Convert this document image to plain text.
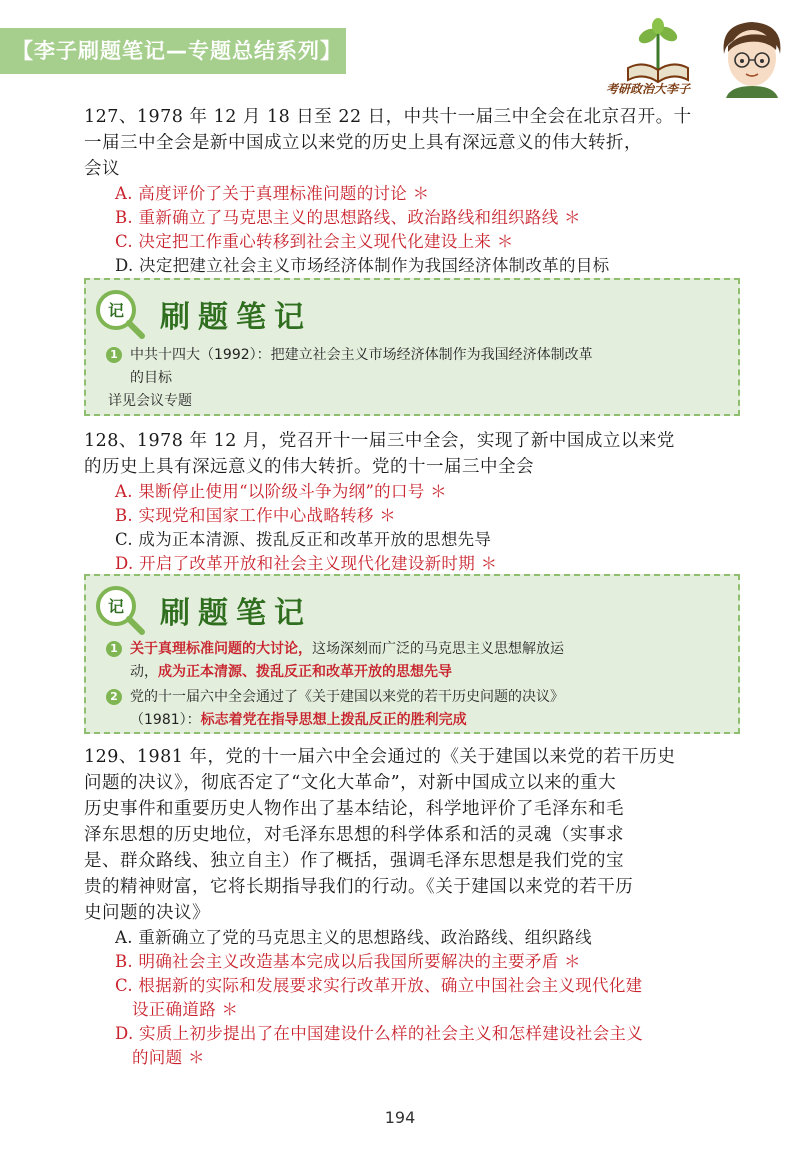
【李子刷题笔记—专题总结系列】
考研政治大李子

127、1978 年 12 月 18 日至 22 日，中共十一届三中全会在北京召开。十

一届三中全会是新中国成立以来党的历史上具有深远意义的伟大转折，

会议

A. 高度评价了关于真理标准问题的讨论 ＊

B. 重新确立了马克思主义的思想路线、政治路线和组织路线 ＊

C. 决定把工作重心转移到社会主义现代化建设上来 ＊

D. 决定把建立社会主义市场经济体制作为我国经济体制改革的目标

记 刷题笔记
1 中共十四大（1992）：把建立社会主义市场经济体制作为我国经济体制改革
的目标
详见会议专题

128、1978 年 12 月，党召开十一届三中全会，实现了新中国成立以来党

的历史上具有深远意义的伟大转折。党的十一届三中全会

A. 果断停止使用“以阶级斗争为纲”的口号 ＊

B. 实现党和国家工作中心战略转移 ＊

C. 成为正本清源、拨乱反正和改革开放的思想先导

D. 开启了改革开放和社会主义现代化建设新时期 ＊

记 刷题笔记
1 关于真理标准问题的大讨论，这场深刻而广泛的马克思主义思想解放运
动，成为正本清源、拨乱反正和改革开放的思想先导
2 党的十一届六中全会通过了《关于建国以来党的若干历史问题的决议》
（1981）：标志着党在指导思想上拨乱反正的胜利完成

129、1981 年，党的十一届六中全会通过的《关于建国以来党的若干历史

问题的决议》，彻底否定了“文化大革命”，对新中国成立以来的重大

历史事件和重要历史人物作出了基本结论，科学地评价了毛泽东和毛

泽东思想的历史地位，对毛泽东思想的科学体系和活的灵魂（实事求

是、群众路线、独立自主）作了概括，强调毛泽东思想是我们党的宝

贵的精神财富，它将长期指导我们的行动。《关于建国以来党的若干历

史问题的决议》

A. 重新确立了党的马克思主义的思想路线、政治路线、组织路线

B. 明确社会主义改造基本完成以后我国所要解决的主要矛盾 ＊

C. 根据新的实际和发展要求实行改革开放、确立中国社会主义现代化建

设正确道路 ＊

D. 实质上初步提出了在中国建设什么样的社会主义和怎样建设社会主义

的问题 ＊

194
